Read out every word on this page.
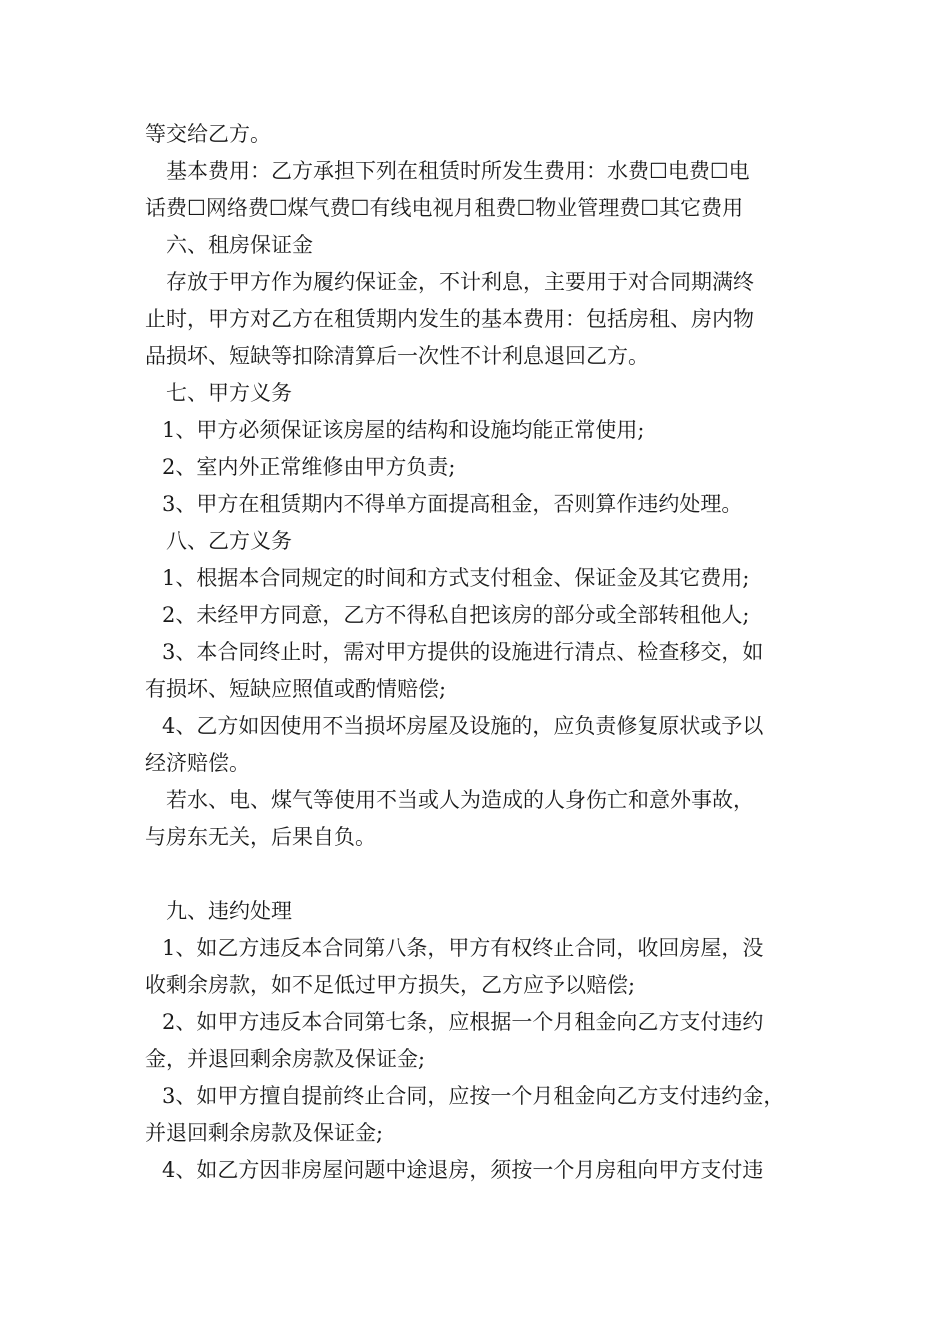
等交给乙方。
基本费用：乙方承担下列在租赁时所发生费用：水费☐电费☐电
话费☐网络费☐煤气费☐有线电视月租费☐物业管理费☐其它费用
六、租房保证金
存放于甲方作为履约保证金，不计利息，主要用于对合同期满终
止时，甲方对乙方在租赁期内发生的基本费用：包括房租、房内物
品损坏、短缺等扣除清算后一次性不计利息退回乙方。
七、甲方义务
1、甲方必须保证该房屋的结构和设施均能正常使用;
2、室内外正常维修由甲方负责;
3、甲方在租赁期内不得单方面提高租金，否则算作违约处理。
八、乙方义务
1、根据本合同规定的时间和方式支付租金、保证金及其它费用;
2、未经甲方同意，乙方不得私自把该房的部分或全部转租他人;
3、本合同终止时，需对甲方提供的设施进行清点、检查移交，如
有损坏、短缺应照值或酌情赔偿;
4、乙方如因使用不当损坏房屋及设施的，应负责修复原状或予以
经济赔偿。
若水、电、煤气等使用不当或人为造成的人身伤亡和意外事故，
与房东无关，后果自负。
九、违约处理
1、如乙方违反本合同第八条，甲方有权终止合同，收回房屋，没
收剩余房款，如不足低过甲方损失，乙方应予以赔偿;
2、如甲方违反本合同第七条，应根据一个月租金向乙方支付违约
金，并退回剩余房款及保证金;
3、如甲方擅自提前终止合同，应按一个月租金向乙方支付违约金，
并退回剩余房款及保证金;
4、如乙方因非房屋问题中途退房，须按一个月房租向甲方支付违
